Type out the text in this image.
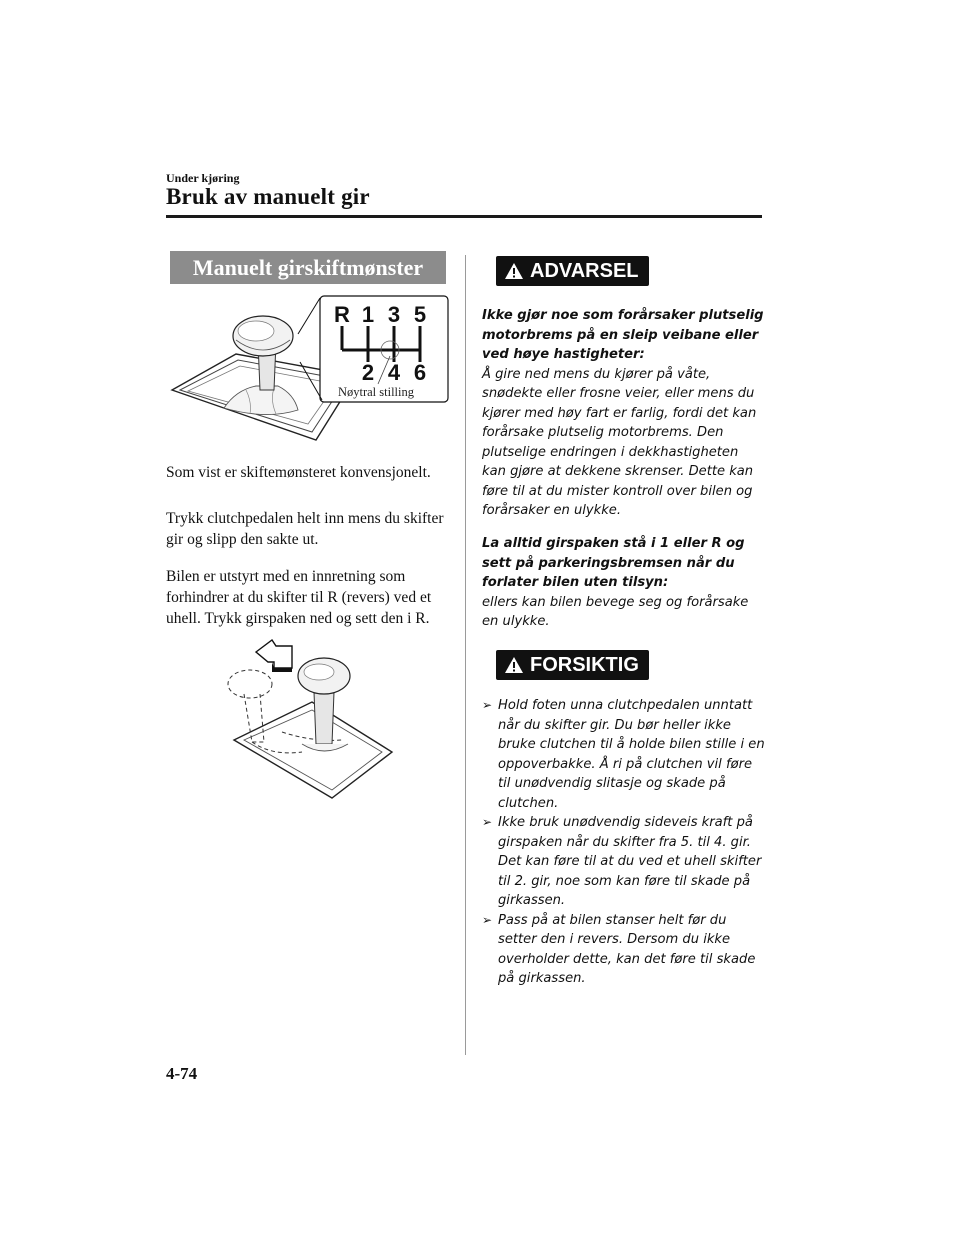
Under kjøring
Bruk av manuelt gir
Manuelt girskiftmønster
R 1 3 5
2 4 6
Nøytral stilling
Som vist er skiftemønsteret konvensjonelt.
Trykk clutchpedalen helt inn mens du skifter gir og slipp den sakte ut.
Bilen er utstyrt med en innretning som forhindrer at du skifter til R (revers) ved et uhell. Trykk girspaken ned og sett den i R.
ADVARSEL
Ikke gjør noe som forårsaker plutselig motorbrems på en sleip veibane eller ved høye hastigheter:
Å gire ned mens du kjører på våte, snødekte eller frosne veier, eller mens du kjører med høy fart er farlig, fordi det kan forårsake plutselig motorbrems. Den plutselige endringen i dekkhastigheten kan gjøre at dekkene skrenser. Dette kan føre til at du mister kontroll over bilen og forårsaker en ulykke.
La alltid girspaken stå i 1 eller R og sett på parkeringsbremsen når du forlater bilen uten tilsyn:
ellers kan bilen bevege seg og forårsake en ulykke.
FORSIKTIG
➢ Hold foten unna clutchpedalen unntatt når du skifter gir. Du bør heller ikke bruke clutchen til å holde bilen stille i en oppoverbakke. Å ri på clutchen vil føre til unødvendig slitasje og skade på clutchen.
➢ Ikke bruk unødvendig sideveis kraft på girspaken når du skifter fra 5. til 4. gir. Det kan føre til at du ved et uhell skifter til 2. gir, noe som kan føre til skade på girkassen.
➢ Pass på at bilen stanser helt før du setter den i revers. Dersom du ikke overholder dette, kan det føre til skade på girkassen.
4-74
